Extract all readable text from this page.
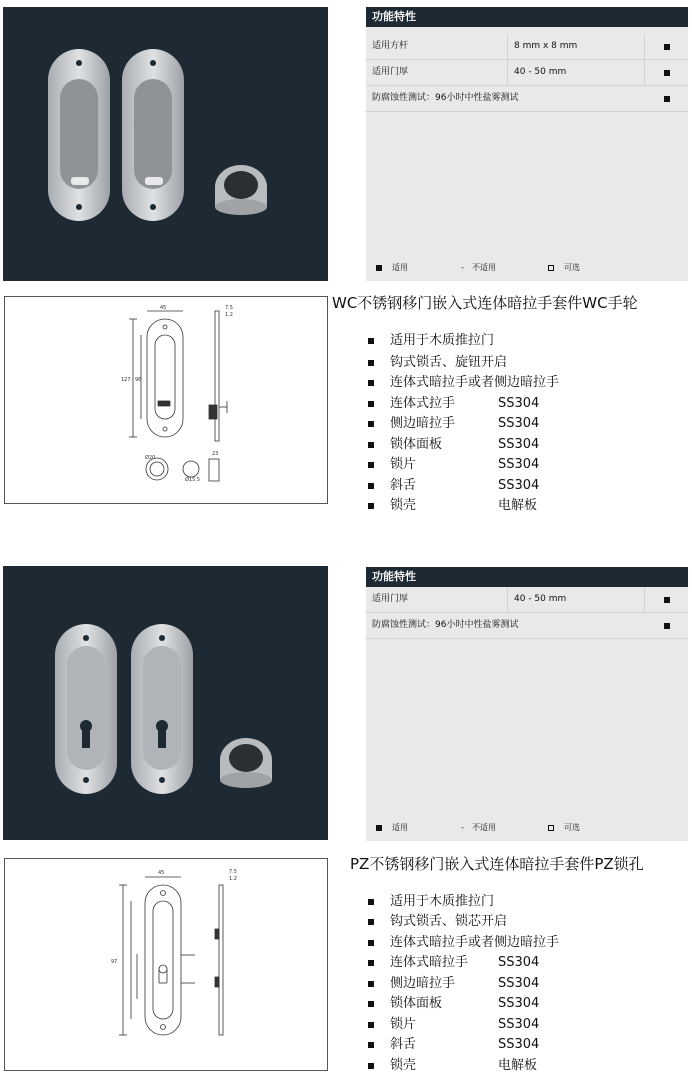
功能特性
适用方杆	8 mm x 8 mm
适用门厚	40 - 50 mm
防腐蚀性测试：96小时中性盐雾测试
适用	- 不适用	可选
45
127 96
7.5
1.2
Ø20
Ø15.5
23
WC不锈钢移门嵌入式连体暗拉手套件WC手轮
适用于木质推拉门
钩式锁舌、旋钮开启
连体式暗拉手或者侧边暗拉手
连体式拉手	SS304
侧边暗拉手	SS304
锁体面板	SS304
锁片	SS304
斜舌	SS304
锁壳	电解板
功能特性
适用门厚	40 - 50 mm
防腐蚀性测试：96小时中性盐雾测试
适用	- 不适用	可选
45
97
7.5
1.2
PZ不锈钢移门嵌入式连体暗拉手套件PZ锁孔
适用于木质推拉门
钩式锁舌、锁芯开启
连体式暗拉手或者侧边暗拉手
连体式暗拉手 SS304
侧边暗拉手	SS304
锁体面板	SS304
锁片	SS304
斜舌	SS304
锁壳	电解板
